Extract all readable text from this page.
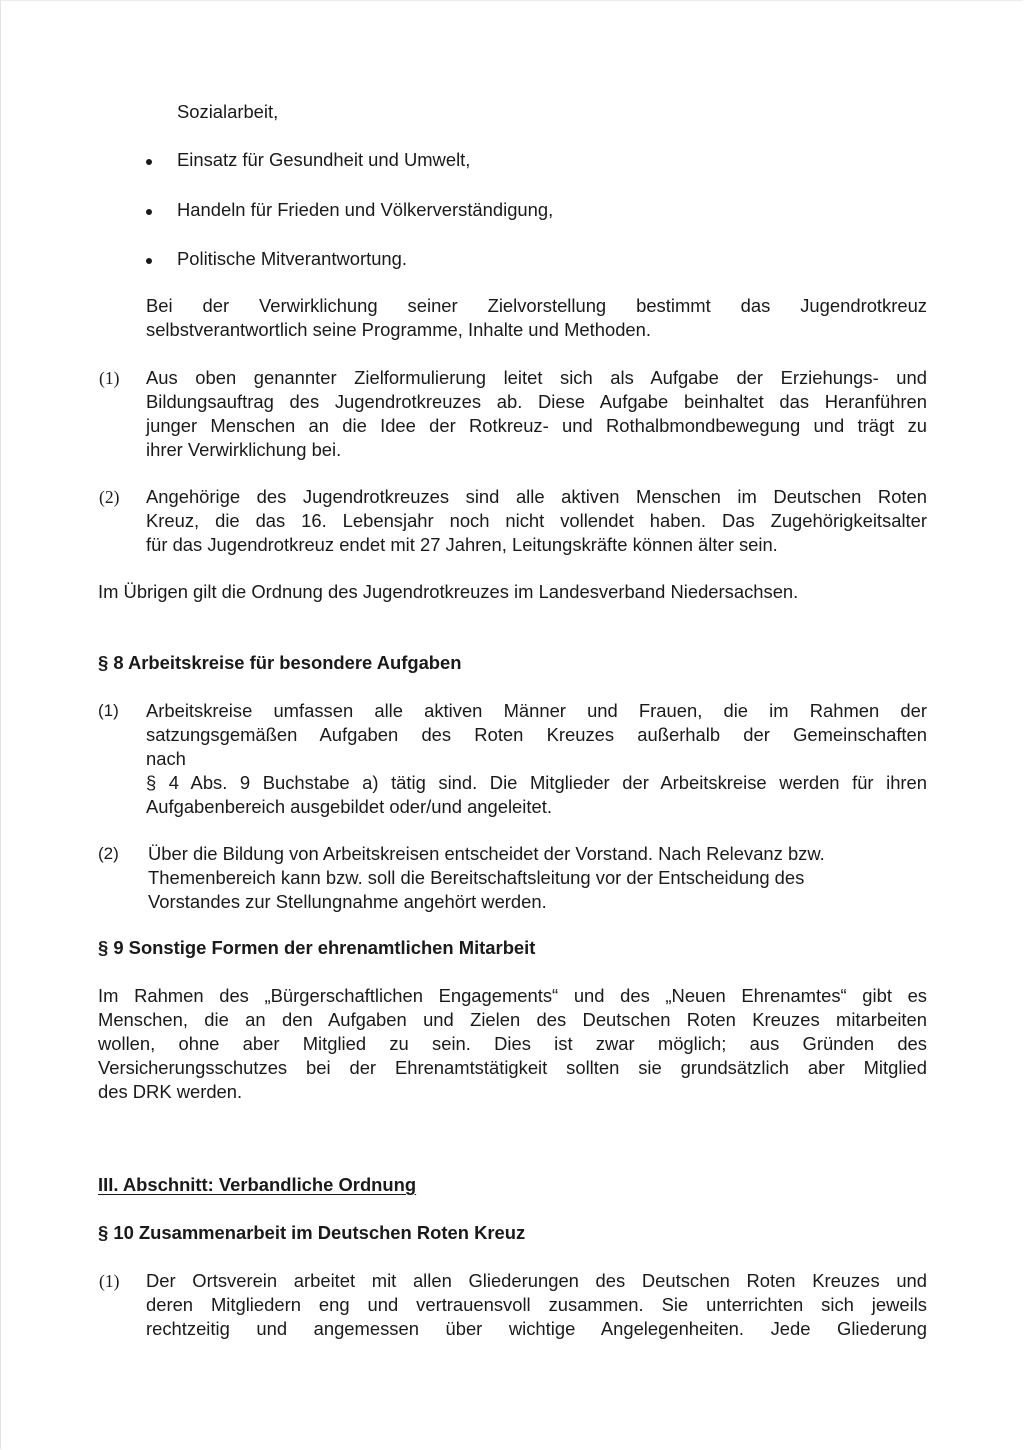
Sozialarbeit,
Einsatz für Gesundheit und Umwelt,
Handeln für Frieden und Völkerverständigung,
Politische Mitverantwortung.
Bei der Verwirklichung seiner Zielvorstellung bestimmt das Jugendrotkreuz
selbstverantwortlich seine Programme, Inhalte und Methoden.
(1) Aus oben genannter Zielformulierung leitet sich als Aufgabe der Erziehungs- und
Bildungsauftrag des Jugendrotkreuzes ab. Diese Aufgabe beinhaltet das Heranführen
junger Menschen an die Idee der Rotkreuz- und Rothalbmondbewegung und trägt zu
ihrer Verwirklichung bei.
(2) Angehörige des Jugendrotkreuzes sind alle aktiven Menschen im Deutschen Roten
Kreuz, die das 16. Lebensjahr noch nicht vollendet haben. Das Zugehörigkeitsalter
für das Jugendrotkreuz endet mit 27 Jahren, Leitungskräfte können älter sein.
Im Übrigen gilt die Ordnung des Jugendrotkreuzes im Landesverband Niedersachsen.
§ 8 Arbeitskreise für besondere Aufgaben
(1) Arbeitskreise umfassen alle aktiven Männer und Frauen, die im Rahmen der
satzungsgemäßen Aufgaben des Roten Kreuzes außerhalb der Gemeinschaften
nach
§ 4 Abs. 9 Buchstabe a) tätig sind. Die Mitglieder der Arbeitskreise werden für ihren
Aufgabenbereich ausgebildet oder/und angeleitet.
(2) Über die Bildung von Arbeitskreisen entscheidet der Vorstand. Nach Relevanz bzw.
Themenbereich kann bzw. soll die Bereitschaftsleitung vor der Entscheidung des
Vorstandes zur Stellungnahme angehört werden.
§ 9 Sonstige Formen der ehrenamtlichen Mitarbeit
Im Rahmen des „Bürgerschaftlichen Engagements“ und des „Neuen Ehrenamtes“ gibt es
Menschen, die an den Aufgaben und Zielen des Deutschen Roten Kreuzes mitarbeiten
wollen, ohne aber Mitglied zu sein. Dies ist zwar möglich; aus Gründen des
Versicherungsschutzes bei der Ehrenamtstätigkeit sollten sie grundsätzlich aber Mitglied
des DRK werden.
III. Abschnitt: Verbandliche Ordnung
§ 10 Zusammenarbeit im Deutschen Roten Kreuz
(1) Der Ortsverein arbeitet mit allen Gliederungen des Deutschen Roten Kreuzes und
deren Mitgliedern eng und vertrauensvoll zusammen. Sie unterrichten sich jeweils
rechtzeitig und angemessen über wichtige Angelegenheiten. Jede Gliederung
